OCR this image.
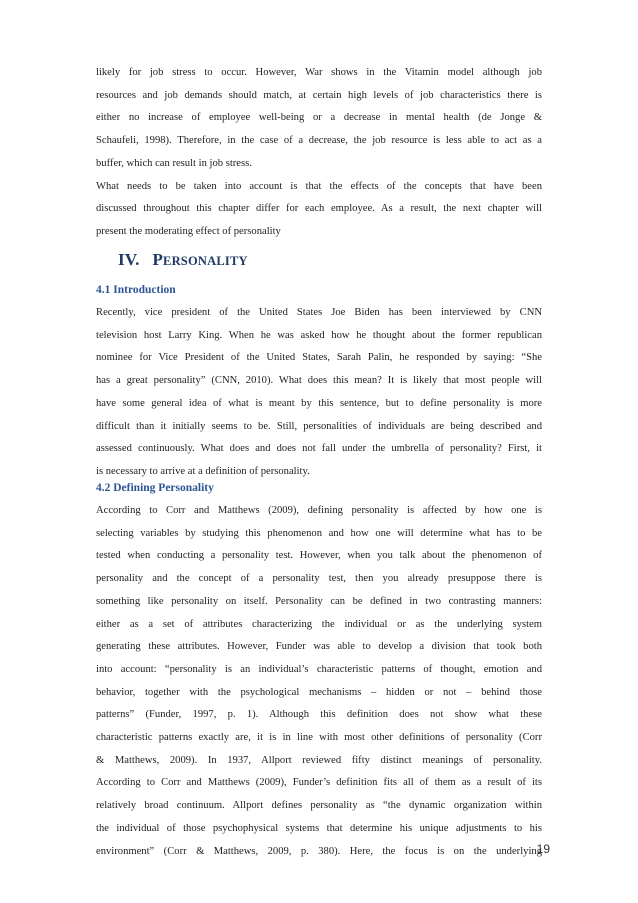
likely for job stress to occur. However, War shows in the Vitamin model although job

resources and job demands should match, at certain high levels of job characteristics there is

either no increase of employee well-being or a decrease in mental health (de Jonge &

Schaufeli, 1998). Therefore, in the case of a decrease, the job resource is less able to act as a

buffer, which can result in job stress.

What needs to be taken into account is that the effects of the concepts that have been

discussed throughout this chapter differ for each employee. As a result, the next chapter will

present the moderating effect of personality

IV. PERSONALITY
4.1 Introduction

Recently, vice president of the United States Joe Biden has been interviewed by CNN

television host Larry King. When he was asked how he thought about the former republican

nominee for Vice President of the United States, Sarah Palin, he responded by saying: “She

has a great personality” (CNN, 2010). What does this mean? It is likely that most people will

have some general idea of what is meant by this sentence, but to define personality is more

difficult than it initially seems to be. Still, personalities of individuals are being described and

assessed continuously. What does and does not fall under the umbrella of personality? First, it

is necessary to arrive at a definition of personality.

4.2 Defining Personality

According to Corr and Matthews (2009), defining personality is affected by how one is

selecting variables by studying this phenomenon and how one will determine what has to be

tested when conducting a personality test. However, when you talk about the phenomenon of

personality and the concept of a personality test, then you already presuppose there is

something like personality on itself. Personality can be defined in two contrasting manners:

either as a set of attributes characterizing the individual or as the underlying system

generating these attributes. However, Funder was able to develop a division that took both

into account: “personality is an individual’s characteristic patterns of thought, emotion and

behavior, together with the psychological mechanisms – hidden or not – behind those

patterns” (Funder, 1997, p. 1). Although this definition does not show what these

characteristic patterns exactly are, it is in line with most other definitions of personality (Corr

& Matthews, 2009). In 1937, Allport reviewed fifty distinct meanings of personality.

According to Corr and Matthews (2009), Funder’s definition fits all of them as a result of its

relatively broad continuum. Allport defines personality as “the dynamic organization within

the individual of those psychophysical systems that determine his unique adjustments to his

environment” (Corr & Matthews, 2009, p. 380). Here, the focus is on the underlying

19
